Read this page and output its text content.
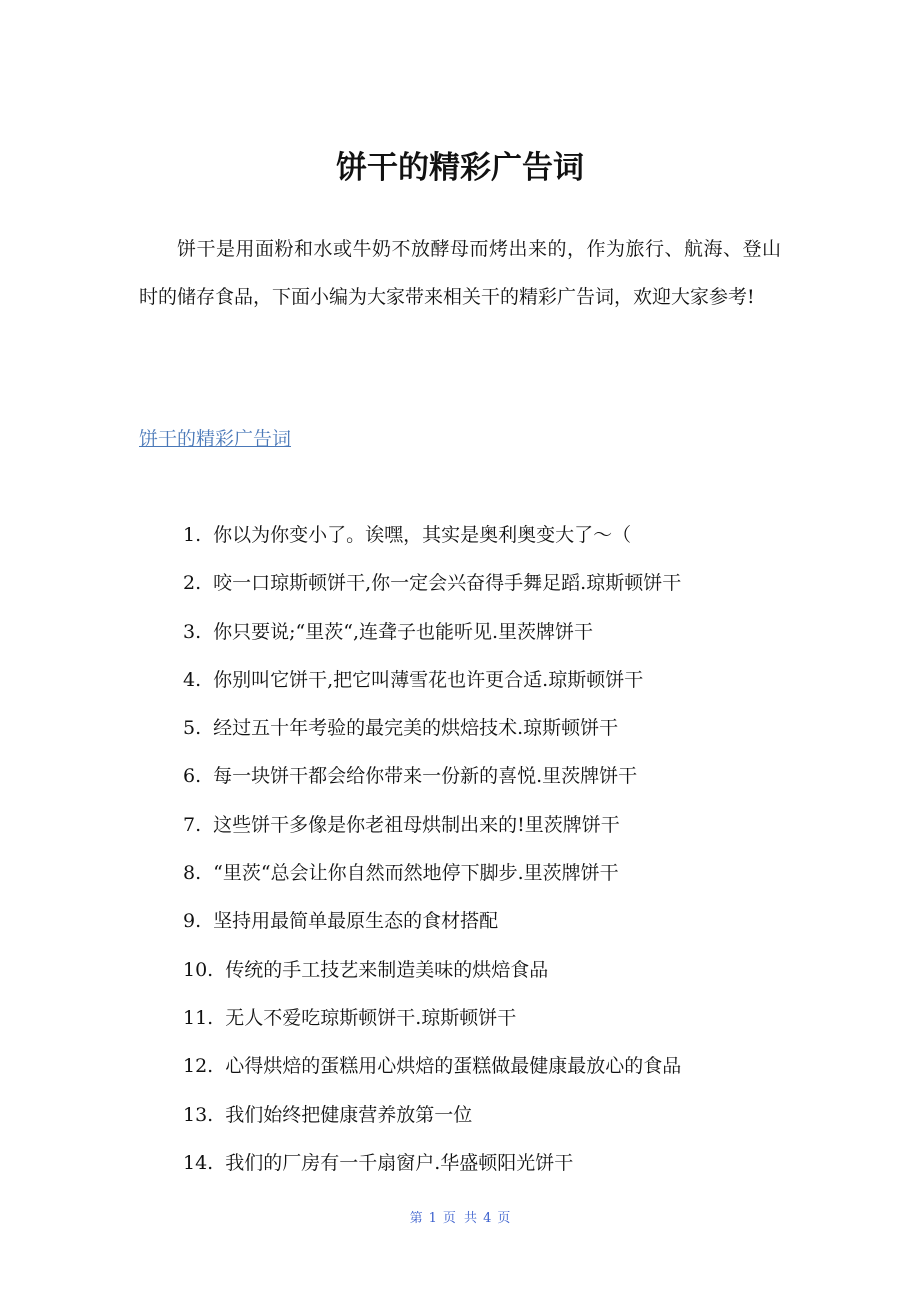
饼干的精彩广告词

饼干是用面粉和水或牛奶不放酵母而烤出来的，作为旅行、航海、登山时的储存食品，下面小编为大家带来相关干的精彩广告词，欢迎大家参考!

饼干的精彩广告词
1. 你以为你变小了。诶嘿，其实是奥利奥变大了～（
2. 咬一口琼斯顿饼干,你一定会兴奋得手舞足蹈.琼斯顿饼干
3. 你只要说;“里茨“,连聋子也能听见.里茨牌饼干
4. 你别叫它饼干,把它叫薄雪花也许更合适.琼斯顿饼干
5. 经过五十年考验的最完美的烘焙技术.琼斯顿饼干
6. 每一块饼干都会给你带来一份新的喜悦.里茨牌饼干
7. 这些饼干多像是你老祖母烘制出来的!里茨牌饼干
8. “里茨“总会让你自然而然地停下脚步.里茨牌饼干
9. 坚持用最简单最原生态的食材搭配
10. 传统的手工技艺来制造美味的烘焙食品
11. 无人不爱吃琼斯顿饼干.琼斯顿饼干
12. 心得烘焙的蛋糕用心烘焙的蛋糕做最健康最放心的食品
13. 我们始终把健康营养放第一位
14. 我们的厂房有一千扇窗户.华盛顿阳光饼干
第 1 页 共 4 页
